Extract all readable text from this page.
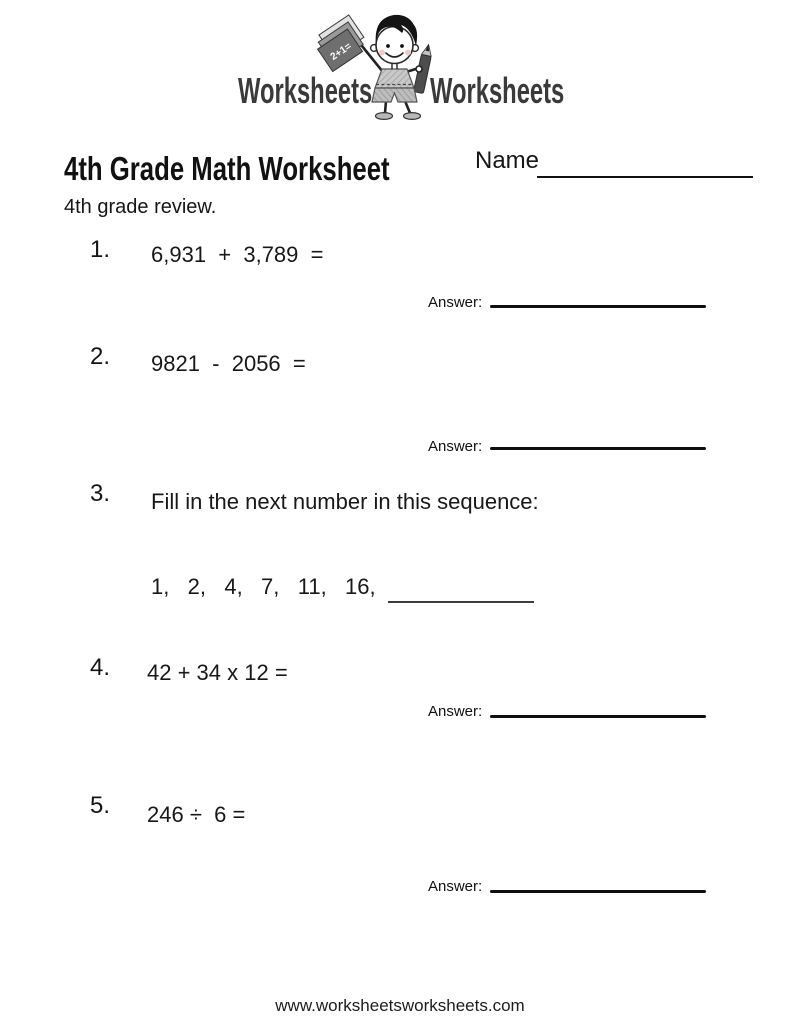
Worksheets
2+1=
Worksheets
4th Grade Math Worksheet	Name

4th grade review.

1. 6,931  +  3,789  =
Answer:
2. 9821  -  2056  =
Answer:
3. Fill in the next number in this sequence:
1,   2,   4,   7,   11,   16,
4. 42 + 34 x 12 =
Answer:
5. 246 ÷  6 =
Answer:
www.worksheetsworksheets.com
